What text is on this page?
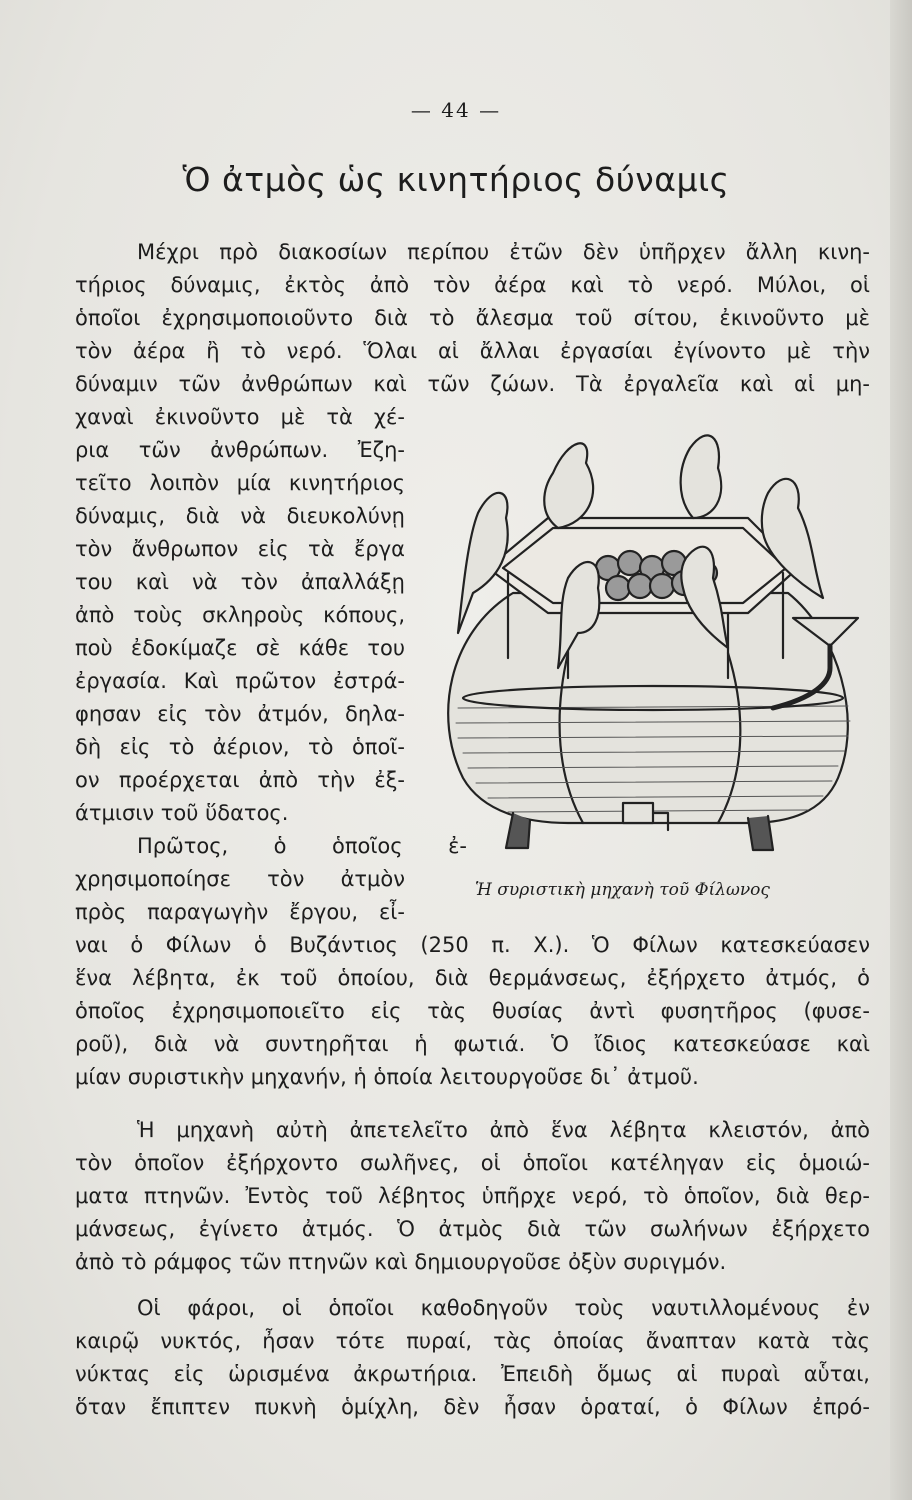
— 44 —
Ὁ ἀτμὸς ὡς κινητήριος δύναμις
Μέχρι πρὸ διακοσίων περίπου ἐτῶν δὲν ὑπῆρχεν ἄλλη κινη-
τήριος δύναμις, ἐκτὸς ἀπὸ τὸν ἀέρα καὶ τὸ νερό. Μύλοι, οἱ
ὁποῖοι ἐχρησιμοποιοῦντο διὰ τὸ ἄλεσμα τοῦ σίτου, ἐκινοῦντο μὲ
τὸν ἀέρα ἢ τὸ νερό. Ὅλαι αἱ ἄλλαι ἐργασίαι ἐγίνοντο μὲ τὴν
δύναμιν τῶν ἀνθρώπων καὶ τῶν ζώων. Τὰ ἐργαλεῖα καὶ αἱ μη-
χαναὶ ἐκινοῦντο μὲ τὰ χέ-
ρια τῶν ἀνθρώπων. Ἐζη-
τεῖτο λοιπὸν μία κινητήριος
δύναμις, διὰ νὰ διευκολύνῃ
τὸν ἄνθρωπον εἰς τὰ ἔργα
του καὶ νὰ τὸν ἀπαλλάξῃ
ἀπὸ τοὺς σκληροὺς κόπους,
ποὺ ἐδοκίμαζε σὲ κάθε του
ἐργασία. Καὶ πρῶτον ἐστρά-
φησαν εἰς τὸν ἀτμόν, δηλα-
δὴ εἰς τὸ ἀέριον, τὸ ὁποῖ-
ον προέρχεται ἀπὸ τὴν ἐξ-
άτμισιν τοῦ ὕδατος.
Πρῶτος, ὁ ὁποῖος ἐ-
χρησιμοποίησε τὸν ἀτμὸν
πρὸς παραγωγὴν ἔργου, εἶ-
ναι ὁ Φίλων ὁ Βυζάντιος (250 π. Χ.). Ὁ Φίλων κατεσκεύασεν
ἕνα λέβητα, ἐκ τοῦ ὁποίου, διὰ θερμάνσεως, ἐξήρχετο ἀτμός, ὁ
ὁποῖος ἐχρησιμοποιεῖτο εἰς τὰς θυσίας ἀντὶ φυσητῆρος (φυσε-
ροῦ), διὰ νὰ συντηρῆται ἡ φωτιά. Ὁ ἴδιος κατεσκεύασε καὶ
μίαν συριστικὴν μηχανήν, ἡ ὁποία λειτουργοῦσε δι᾽ ἀτμοῦ.
Ἡ συριστικὴ μηχανὴ τοῦ Φίλωνος
Ἡ μηχανὴ αὐτὴ ἀπετελεῖτο ἀπὸ ἕνα λέβητα κλειστόν, ἀπὸ
τὸν ὁποῖον ἐξήρχοντο σωλῆνες, οἱ ὁποῖοι κατέληγαν εἰς ὁμοιώ-
ματα πτηνῶν. Ἐντὸς τοῦ λέβητος ὑπῆρχε νερό, τὸ ὁποῖον, διὰ θερ-
μάνσεως, ἐγίνετο ἀτμός. Ὁ ἀτμὸς διὰ τῶν σωλήνων ἐξήρχετο
ἀπὸ τὸ ράμφος τῶν πτηνῶν καὶ δημιουργοῦσε ὀξὺν συριγμόν.
Οἱ φάροι, οἱ ὁποῖοι καθοδηγοῦν τοὺς ναυτιλλομένους ἐν
καιρῷ νυκτός, ἦσαν τότε πυραί, τὰς ὁποίας ἄναπταν κατὰ τὰς
νύκτας εἰς ὡρισμένα ἀκρωτήρια. Ἐπειδὴ ὅμως αἱ πυραὶ αὗται,
ὅταν ἔπιπτεν πυκνὴ ὁμίχλη, δὲν ἦσαν ὁραταί, ὁ Φίλων ἐπρό-
